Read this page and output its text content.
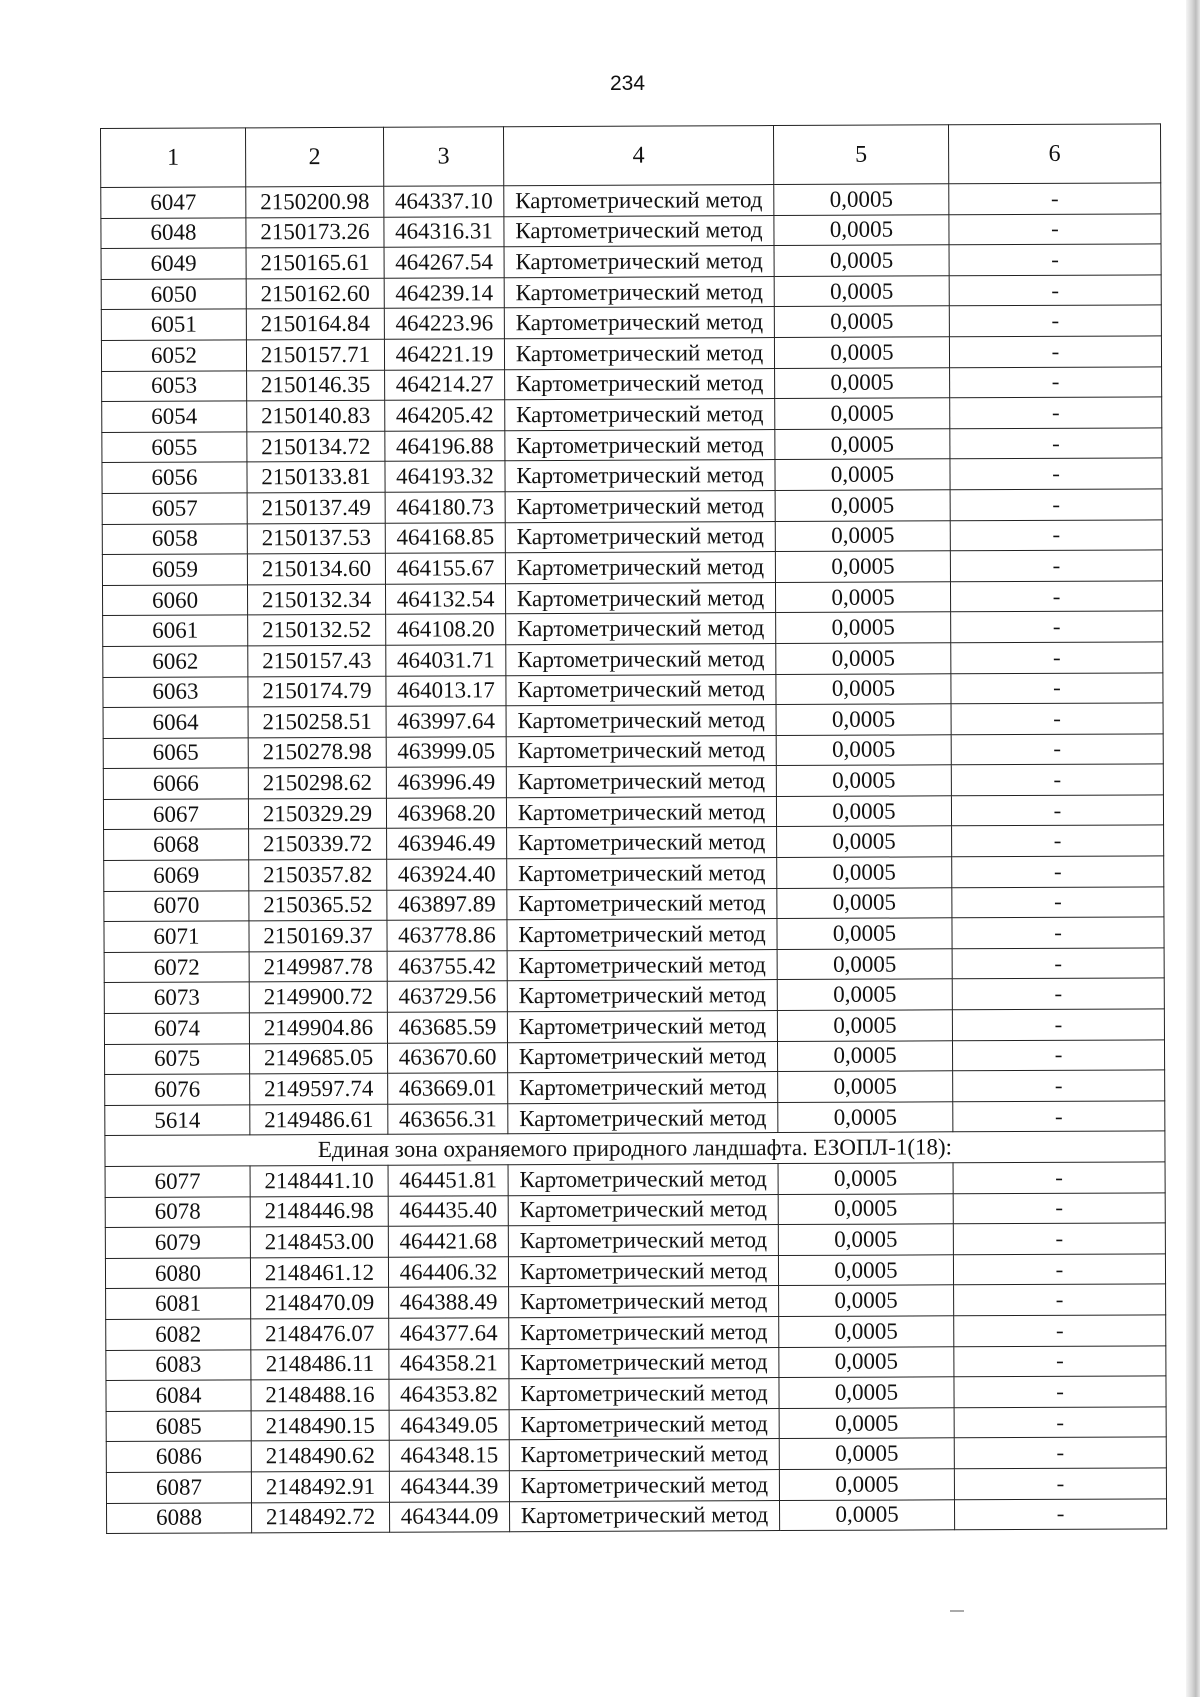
234
1	2	3	4	5	6
6047	2150200.98	464337.10	Картометрический метод	0,0005	-
6048	2150173.26	464316.31	Картометрический метод	0,0005	-
6049	2150165.61	464267.54	Картометрический метод	0,0005	-
6050	2150162.60	464239.14	Картометрический метод	0,0005	-
6051	2150164.84	464223.96	Картометрический метод	0,0005	-
6052	2150157.71	464221.19	Картометрический метод	0,0005	-
6053	2150146.35	464214.27	Картометрический метод	0,0005	-
6054	2150140.83	464205.42	Картометрический метод	0,0005	-
6055	2150134.72	464196.88	Картометрический метод	0,0005	-
6056	2150133.81	464193.32	Картометрический метод	0,0005	-
6057	2150137.49	464180.73	Картометрический метод	0,0005	-
6058	2150137.53	464168.85	Картометрический метод	0,0005	-
6059	2150134.60	464155.67	Картометрический метод	0,0005	-
6060	2150132.34	464132.54	Картометрический метод	0,0005	-
6061	2150132.52	464108.20	Картометрический метод	0,0005	-
6062	2150157.43	464031.71	Картометрический метод	0,0005	-
6063	2150174.79	464013.17	Картометрический метод	0,0005	-
6064	2150258.51	463997.64	Картометрический метод	0,0005	-
6065	2150278.98	463999.05	Картометрический метод	0,0005	-
6066	2150298.62	463996.49	Картометрический метод	0,0005	-
6067	2150329.29	463968.20	Картометрический метод	0,0005	-
6068	2150339.72	463946.49	Картометрический метод	0,0005	-
6069	2150357.82	463924.40	Картометрический метод	0,0005	-
6070	2150365.52	463897.89	Картометрический метод	0,0005	-
6071	2150169.37	463778.86	Картометрический метод	0,0005	-
6072	2149987.78	463755.42	Картометрический метод	0,0005	-
6073	2149900.72	463729.56	Картометрический метод	0,0005	-
6074	2149904.86	463685.59	Картометрический метод	0,0005	-
6075	2149685.05	463670.60	Картометрический метод	0,0005	-
6076	2149597.74	463669.01	Картометрический метод	0,0005	-
5614	2149486.61	463656.31	Картометрический метод	0,0005	-
Единая зона охраняемого природного ландшафта. ЕЗОПЛ-1(18):					
6077	2148441.10	464451.81	Картометрический метод	0,0005	-
6078	2148446.98	464435.40	Картометрический метод	0,0005	-
6079	2148453.00	464421.68	Картометрический метод	0,0005	-
6080	2148461.12	464406.32	Картометрический метод	0,0005	-
6081	2148470.09	464388.49	Картометрический метод	0,0005	-
6082	2148476.07	464377.64	Картометрический метод	0,0005	-
6083	2148486.11	464358.21	Картометрический метод	0,0005	-
6084	2148488.16	464353.82	Картометрический метод	0,0005	-
6085	2148490.15	464349.05	Картометрический метод	0,0005	-
6086	2148490.62	464348.15	Картометрический метод	0,0005	-
6087	2148492.91	464344.39	Картометрический метод	0,0005	-
6088	2148492.72	464344.09	Картометрический метод	0,0005	-
